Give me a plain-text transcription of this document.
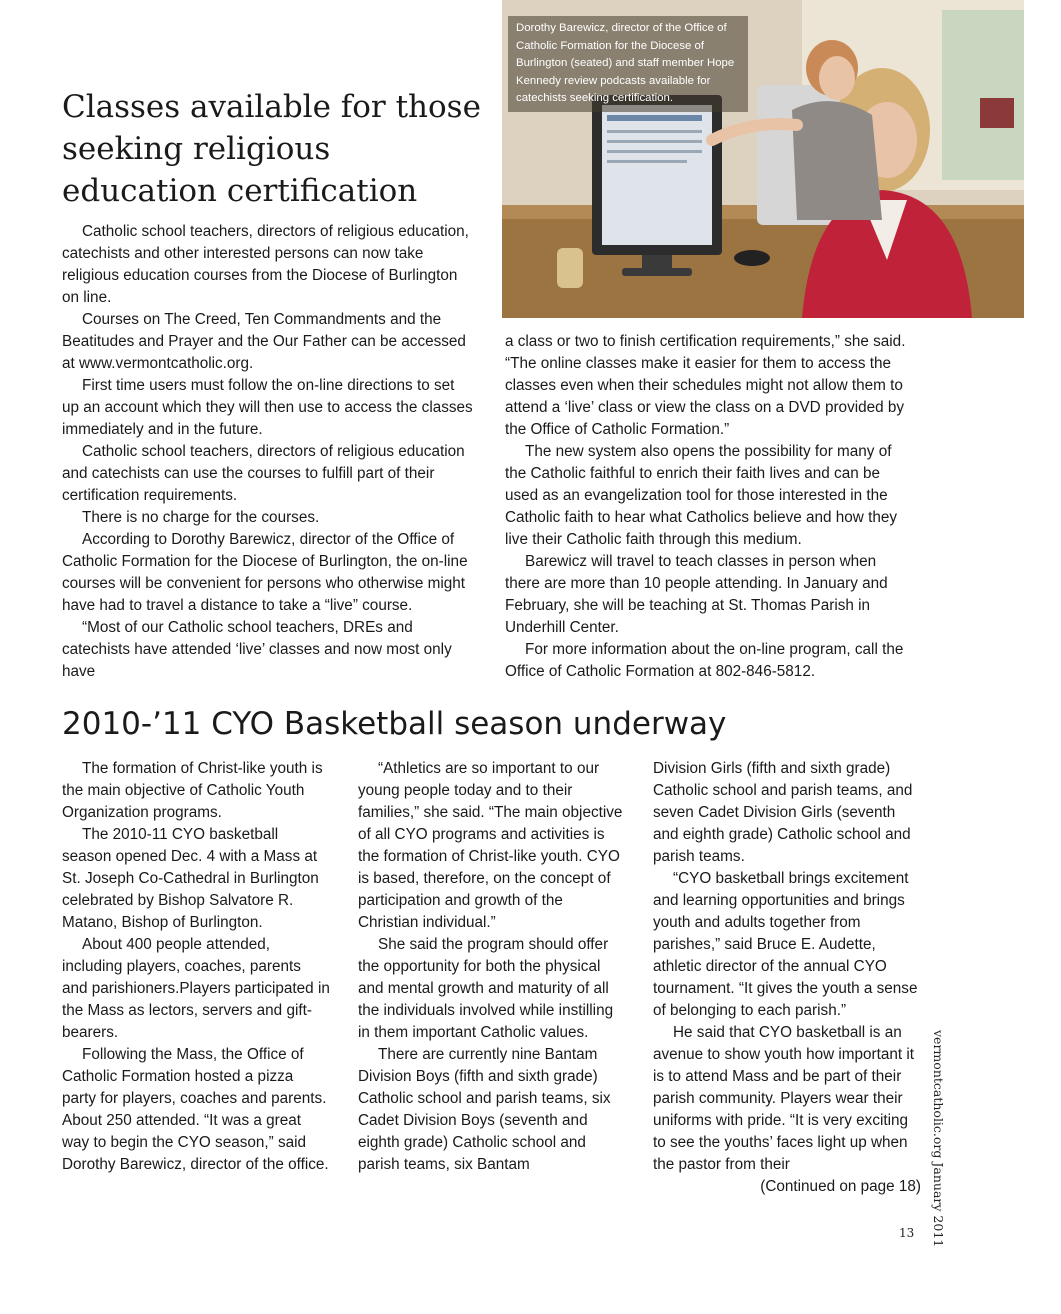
Classes available for those seeking religious education certification

Catholic school teachers, directors of religious education, catechists and other interested persons can now take religious education courses from the Diocese of Burlington on line.

Courses on The Creed, Ten Commandments and the Beatitudes and Prayer and the Our Father can be accessed at www.vermontcatholic.org.

First time users must follow the on-line directions to set up an account which they will then use to access the classes immediately and in the future.

Catholic school teachers, directors of religious education and catechists can use the courses to fulfill part of their certification requirements.

There is no charge for the courses.

According to Dorothy Barewicz, director of the Office of Catholic Formation for the Diocese of Burlington, the on-line courses will be convenient for persons who otherwise might have had to travel a distance to take a “live” course.

“Most of our Catholic school teachers, DREs and catechists have attended ‘live’ classes and now most only have

(Photo by Pat Gore)
Dorothy Barewicz, director of the Office of Catholic Formation for the Diocese of Burlington (seated) and staff member Hope Kennedy review podcasts available for catechists seeking certification.

a class or two to finish certification requirements,” she said. “The online classes make it easier for them to access the classes even when their schedules might not allow them to attend a ‘live’ class or view the class on a DVD provided by the Office of Catholic Formation.”

The new system also opens the possibility for many of the Catholic faithful to enrich their faith lives and can be used as an evangelization tool for those interested in the Catholic faith to hear what Catholics believe and how they live their Catholic faith through this medium.

Barewicz will travel to teach classes in person when there are more than 10 people attending. In January and February, she will be teaching at St. Thomas Parish in Underhill Center.

For more information about the on-line program, call the Office of Catholic Formation at 802-846-5812.

2010-’11 CYO Basketball season underway

The formation of Christ-like youth is the main objective of Catholic Youth Organization programs.

The 2010-11 CYO basketball season opened Dec. 4 with a Mass at St. Joseph Co-Cathedral in Burlington celebrated by Bishop Salvatore R. Matano, Bishop of Burlington.

About 400 people attended, including players, coaches, parents and parishioners.Players participated in the Mass as lectors, servers and gift-bearers.

Following the Mass, the Office of Catholic Formation hosted a pizza party for players, coaches and parents. About 250 attended. “It was a great way to begin the CYO season,” said Dorothy Barewicz, director of the office.

“Athletics are so important to our young people today and to their families,” she said. “The main objective of all CYO programs and activities is the formation of Christ-like youth. CYO is based, therefore, on the concept of participation and growth of the Christian individual.”

She said the program should offer the opportunity for both the physical and mental growth and maturity of all the individuals involved while instilling in them important Catholic values.

There are currently nine Bantam Division Boys (fifth and sixth grade) Catholic school and parish teams, six Cadet Division Boys (seventh and eighth grade) Catholic school and parish teams, six Bantam

Division Girls (fifth and sixth grade) Catholic school and parish teams, and seven Cadet Division Girls (seventh and eighth grade) Catholic school and parish teams.

“CYO basketball brings excitement and learning opportunities and brings youth and adults together from parishes,” said Bruce E. Audette, athletic director of the annual CYO tournament. “It gives the youth a sense of belonging to each parish.”

He said that CYO basketball is an avenue to show youth how important it is to attend Mass and be part of their parish community. Players wear their uniforms with pride. “It is very exciting to see the youths’ faces light up when the pastor from their

(Continued on page 18) vermontcatholic.org January 2011
13
